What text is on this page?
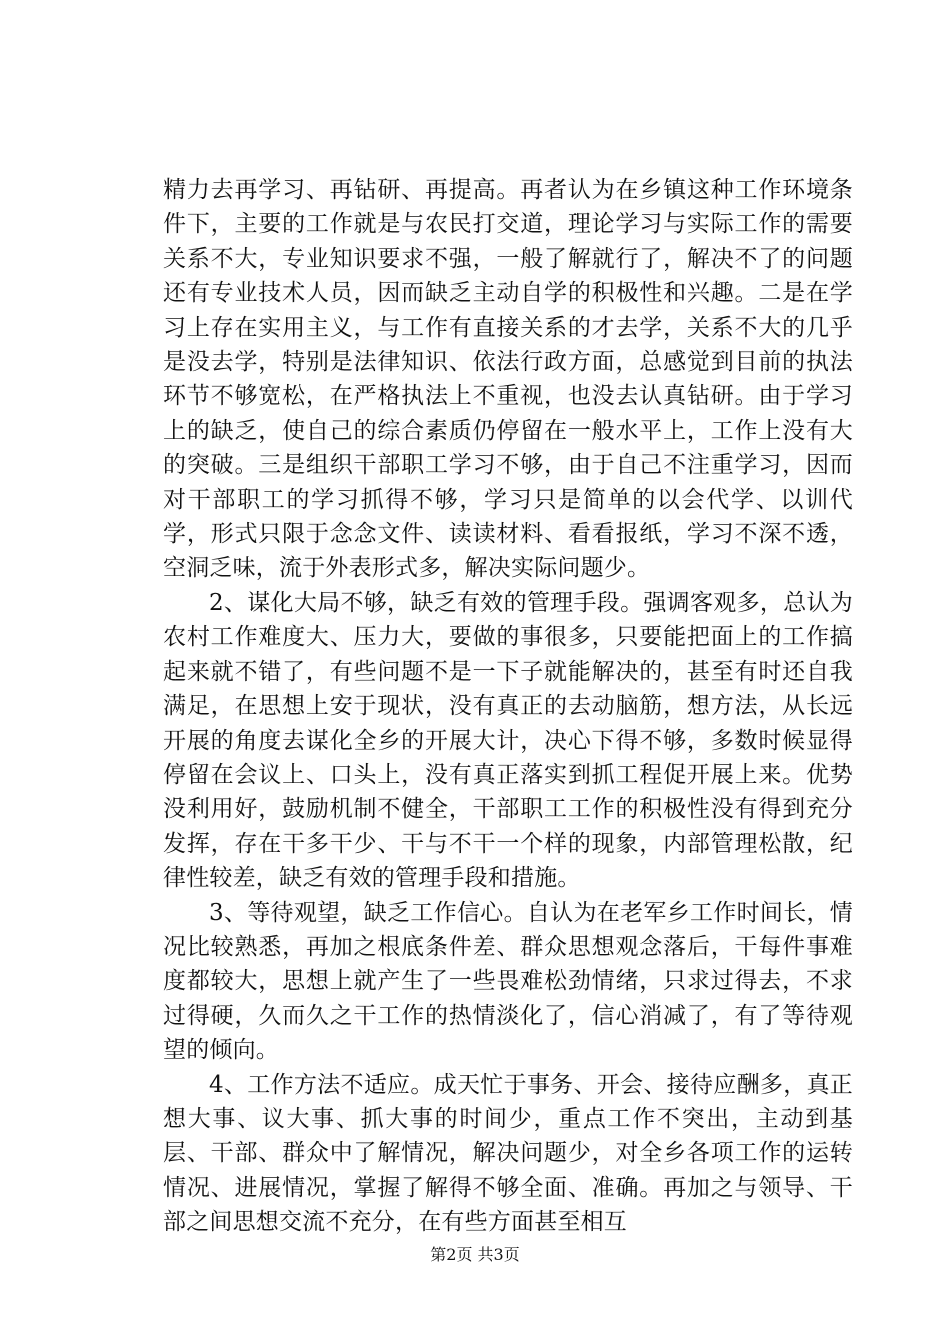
精力去再学习、再钻研、再提高。再者认为在乡镇这种工作环境条件下，主要的工作就是与农民打交道，理论学习与实际工作的需要关系不大，专业知识要求不强，一般了解就行了，解决不了的问题还有专业技术人员，因而缺乏主动自学的积极性和兴趣。二是在学习上存在实用主义，与工作有直接关系的才去学，关系不大的几乎是没去学，特别是法律知识、依法行政方面，总感觉到目前的执法环节不够宽松，在严格执法上不重视，也没去认真钻研。由于学习上的缺乏，使自己的综合素质仍停留在一般水平上，工作上没有大的突破。三是组织干部职工学习不够，由于自己不注重学习，因而对干部职工的学习抓得不够，学习只是简单的以会代学、以训代学，形式只限于念念文件、读读材料、看看报纸，学习不深不透，空洞乏味，流于外表形式多，解决实际问题少。

2、谋化大局不够，缺乏有效的管理手段。强调客观多，总认为农村工作难度大、压力大，要做的事很多，只要能把面上的工作搞起来就不错了，有些问题不是一下子就能解决的，甚至有时还自我满足，在思想上安于现状，没有真正的去动脑筋，想方法，从长远开展的角度去谋化全乡的开展大计，决心下得不够，多数时候显得停留在会议上、口头上，没有真正落实到抓工程促开展上来。优势没利用好，鼓励机制不健全，干部职工工作的积极性没有得到充分发挥，存在干多干少、干与不干一个样的现象，内部管理松散，纪律性较差，缺乏有效的管理手段和措施。

3、等待观望，缺乏工作信心。自认为在老军乡工作时间长，情况比较熟悉，再加之根底条件差、群众思想观念落后，干每件事难度都较大，思想上就产生了一些畏难松劲情绪，只求过得去，不求过得硬，久而久之干工作的热情淡化了，信心消减了，有了等待观望的倾向。

4、工作方法不适应。成天忙于事务、开会、接待应酬多，真正想大事、议大事、抓大事的时间少，重点工作不突出，主动到基层、干部、群众中了解情况，解决问题少，对全乡各项工作的运转情况、进展情况，掌握了解得不够全面、准确。再加之与领导、干部之间思想交流不充分，在有些方面甚至相互

第2页 共3页
